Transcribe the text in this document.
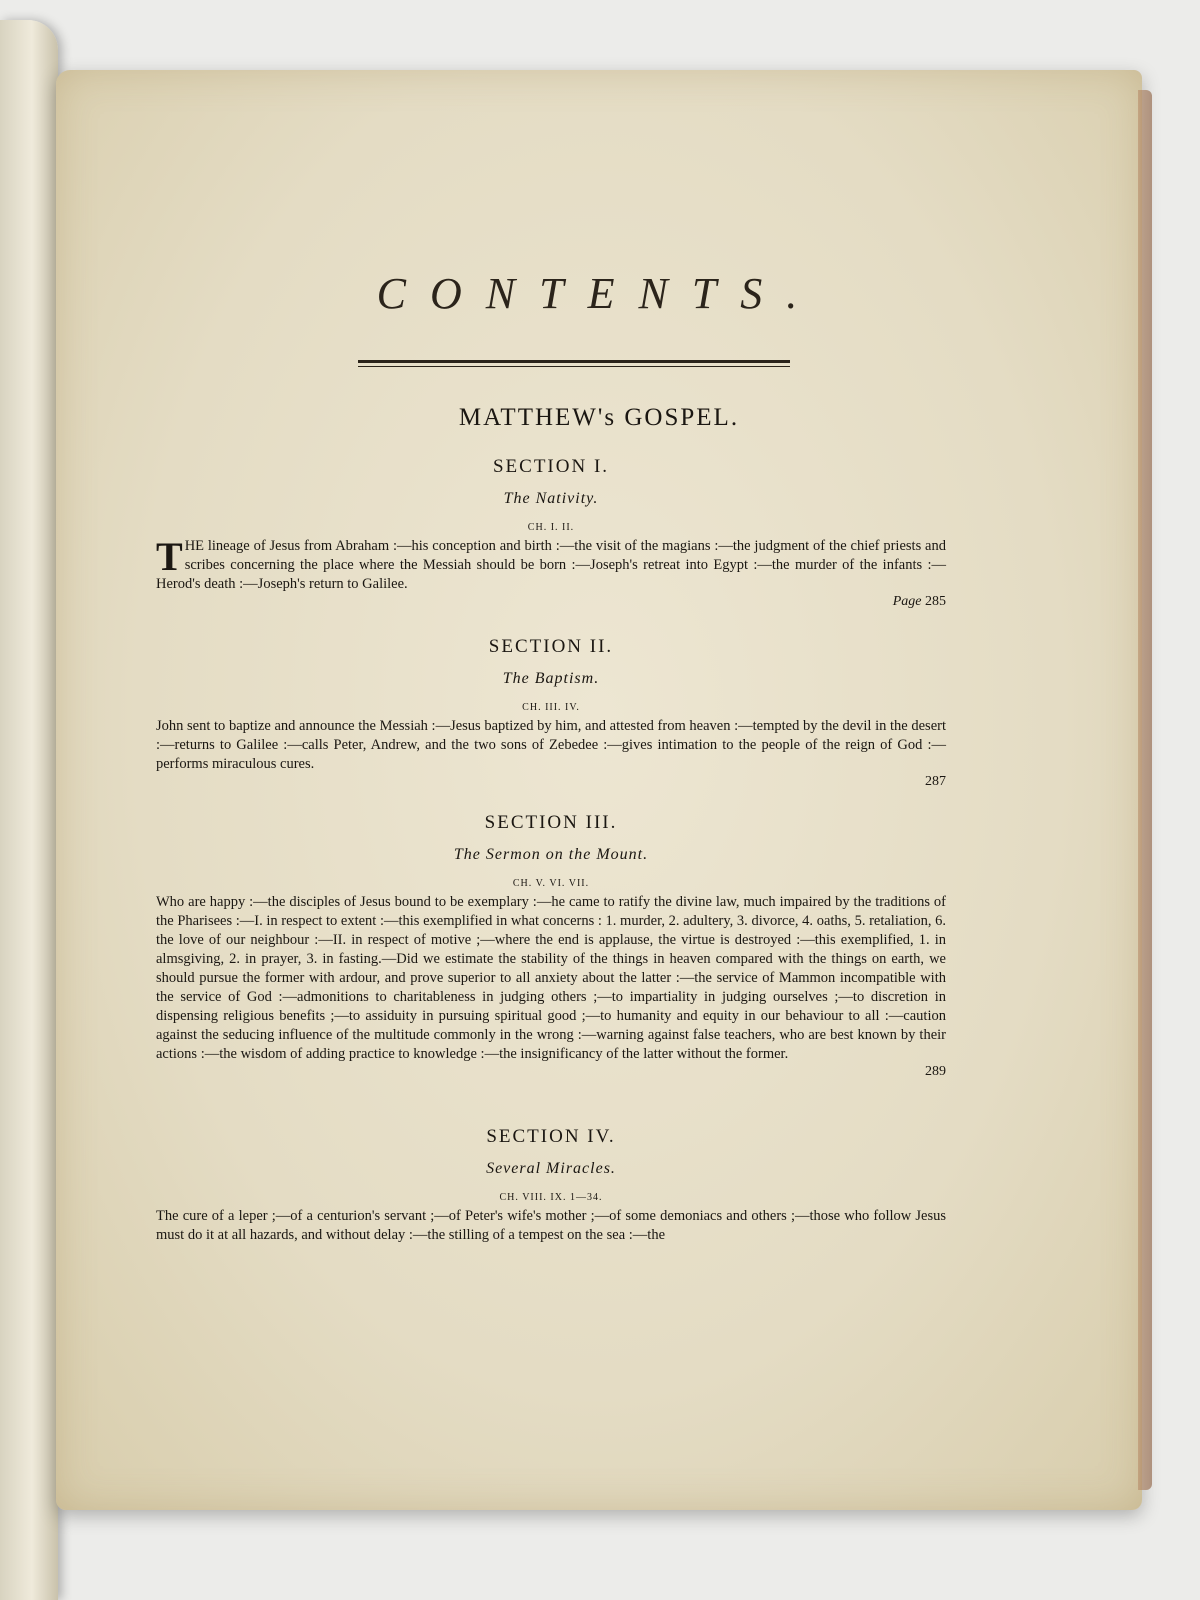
CONTENTS.
MATTHEW's GOSPEL.

SECTION I.

The Nativity.

CH. I. II.

THE lineage of Jesus from Abraham :—his conception and birth :—the visit of the magians :—the judgment of the chief priests and scribes concerning the place where the Messiah should be born :—Joseph's retreat into Egypt :—the murder of the infants :—Herod's death :—Joseph's return to Galilee.

Page 285

SECTION II.

The Baptism.

CH. III. IV.

John sent to baptize and announce the Messiah :—Jesus baptized by him, and attested from heaven :—tempted by the devil in the desert :—returns to Galilee :—calls Peter, Andrew, and the two sons of Zebedee :—gives intimation to the people of the reign of God :—performs miraculous cures.

287

SECTION III.

The Sermon on the Mount.

CH. V. VI. VII.

Who are happy :—the disciples of Jesus bound to be exemplary :—he came to ratify the divine law, much impaired by the traditions of the Pharisees :—I. in respect to extent :—this exemplified in what concerns : 1. murder, 2. adultery, 3. divorce, 4. oaths, 5. retaliation, 6. the love of our neighbour :—II. in respect of motive ;—where the end is applause, the virtue is destroyed :—this exemplified, 1. in almsgiving, 2. in prayer, 3. in fasting.—Did we estimate the stability of the things in heaven compared with the things on earth, we should pursue the former with ardour, and prove superior to all anxiety about the latter :—the service of Mammon incompatible with the service of God :—admonitions to charitableness in judging others ;—to impartiality in judging ourselves ;—to discretion in dispensing religious benefits ;—to assiduity in pursuing spiritual good ;—to humanity and equity in our behaviour to all :—caution against the seducing influence of the multitude commonly in the wrong :—warning against false teachers, who are best known by their actions :—the wisdom of adding practice to knowledge :—the insignificancy of the latter without the former.

289

SECTION IV.

Several Miracles.

CH. VIII. IX. 1—34.

The cure of a leper ;—of a centurion's servant ;—of Peter's wife's mother ;—of some demoniacs and others ;—those who follow Jesus must do it at all hazards, and without delay :—the stilling of a tempest on the sea :—the
